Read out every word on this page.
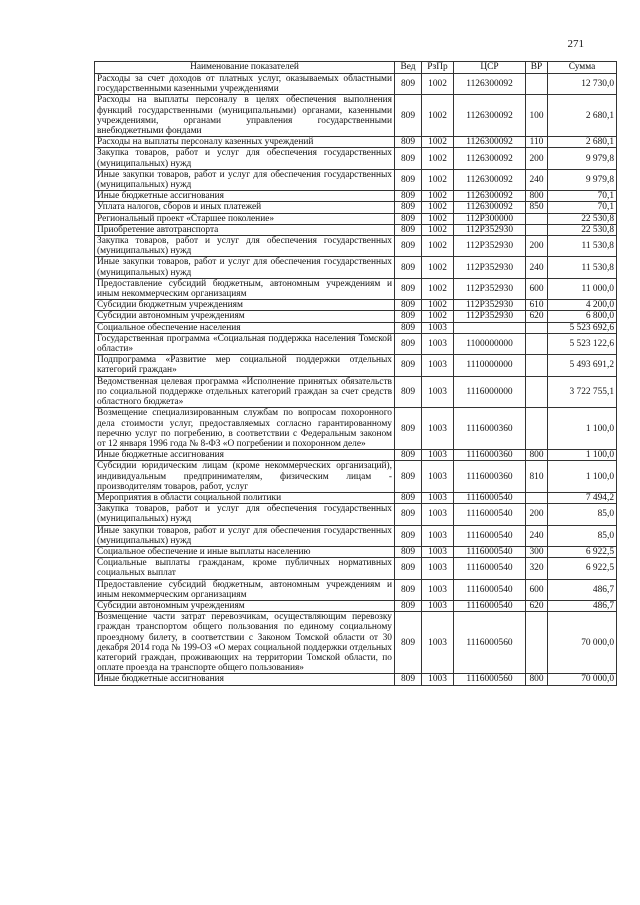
271
Наименование показателей	Вед	РзПр	ЦСР	ВР	Сумма
Расходы за счет доходов от платных услуг, оказываемых областными государственными казенными учреждениями	809	1002	1126300092		12 730,0
Расходы на выплаты персоналу в целях обеспечения выполнения функций государственными (муниципальными) органами, казенными учреждениями, органами управления государственными внебюджетными фондами	809	1002	1126300092	100	2 680,1
Расходы на выплаты персоналу казенных учреждений	809	1002	1126300092	110	2 680,1
Закупка товаров, работ и услуг для обеспечения государственных (муниципальных) нужд	809	1002	1126300092	200	9 979,8
Иные закупки товаров, работ и услуг для обеспечения государственных (муниципальных) нужд	809	1002	1126300092	240	9 979,8
Иные бюджетные ассигнования	809	1002	1126300092	800	70,1
Уплата налогов, сборов и иных платежей	809	1002	1126300092	850	70,1
Региональный проект «Старшее поколение»	809	1002	112P300000		22 530,8
Приобретение автотранспорта	809	1002	112P352930		22 530,8
Закупка товаров, работ и услуг для обеспечения государственных (муниципальных) нужд	809	1002	112P352930	200	11 530,8
Иные закупки товаров, работ и услуг для обеспечения государственных (муниципальных) нужд	809	1002	112P352930	240	11 530,8
Предоставление субсидий бюджетным, автономным учреждениям и иным некоммерческим организациям	809	1002	112P352930	600	11 000,0
Субсидии бюджетным учреждениям	809	1002	112P352930	610	4 200,0
Субсидии автономным учреждениям	809	1002	112P352930	620	6 800,0
Социальное обеспечение населения	809	1003			5 523 692,6
Государственная программа «Социальная поддержка населения Томской области»	809	1003	1100000000		5 523 122,6
Подпрограмма «Развитие мер социальной поддержки отдельных категорий граждан»	809	1003	1110000000		5 493 691,2
Ведомственная целевая программа «Исполнение принятых обязательств по социальной поддержке отдельных категорий граждан за счет средств областного бюджета»	809	1003	1116000000		3 722 755,1
Возмещение специализированным службам по вопросам похоронного дела стоимости услуг, предоставляемых согласно гарантированному перечню услуг по погребению, в соответствии с Федеральным законом от 12 января 1996 года № 8-ФЗ «О погребении и похоронном деле»	809	1003	1116000360		1 100,0
Иные бюджетные ассигнования	809	1003	1116000360	800	1 100,0
Субсидии юридическим лицам (кроме некоммерческих организаций), индивидуальным предпринимателям, физическим лицам - производителям товаров, работ, услуг	809	1003	1116000360	810	1 100,0
Мероприятия в области социальной политики	809	1003	1116000540		7 494,2
Закупка товаров, работ и услуг для обеспечения государственных (муниципальных) нужд	809	1003	1116000540	200	85,0
Иные закупки товаров, работ и услуг для обеспечения государственных (муниципальных) нужд	809	1003	1116000540	240	85,0
Социальное обеспечение и иные выплаты населению	809	1003	1116000540	300	6 922,5
Социальные выплаты гражданам, кроме публичных нормативных социальных выплат	809	1003	1116000540	320	6 922,5
Предоставление субсидий бюджетным, автономным учреждениям и иным некоммерческим организациям	809	1003	1116000540	600	486,7
Субсидии автономным учреждениям	809	1003	1116000540	620	486,7
Возмещение части затрат перевозчикам, осуществляющим перевозку граждан транспортом общего пользования по единому социальному проездному билету, в соответствии с Законом Томской области от 30 декабря 2014 года № 199-ОЗ «О мерах социальной поддержки отдельных категорий граждан, проживающих на территории Томской области, по оплате проезда на транспорте общего пользования»	809	1003	1116000560		70 000,0
Иные бюджетные ассигнования	809	1003	1116000560	800	70 000,0
